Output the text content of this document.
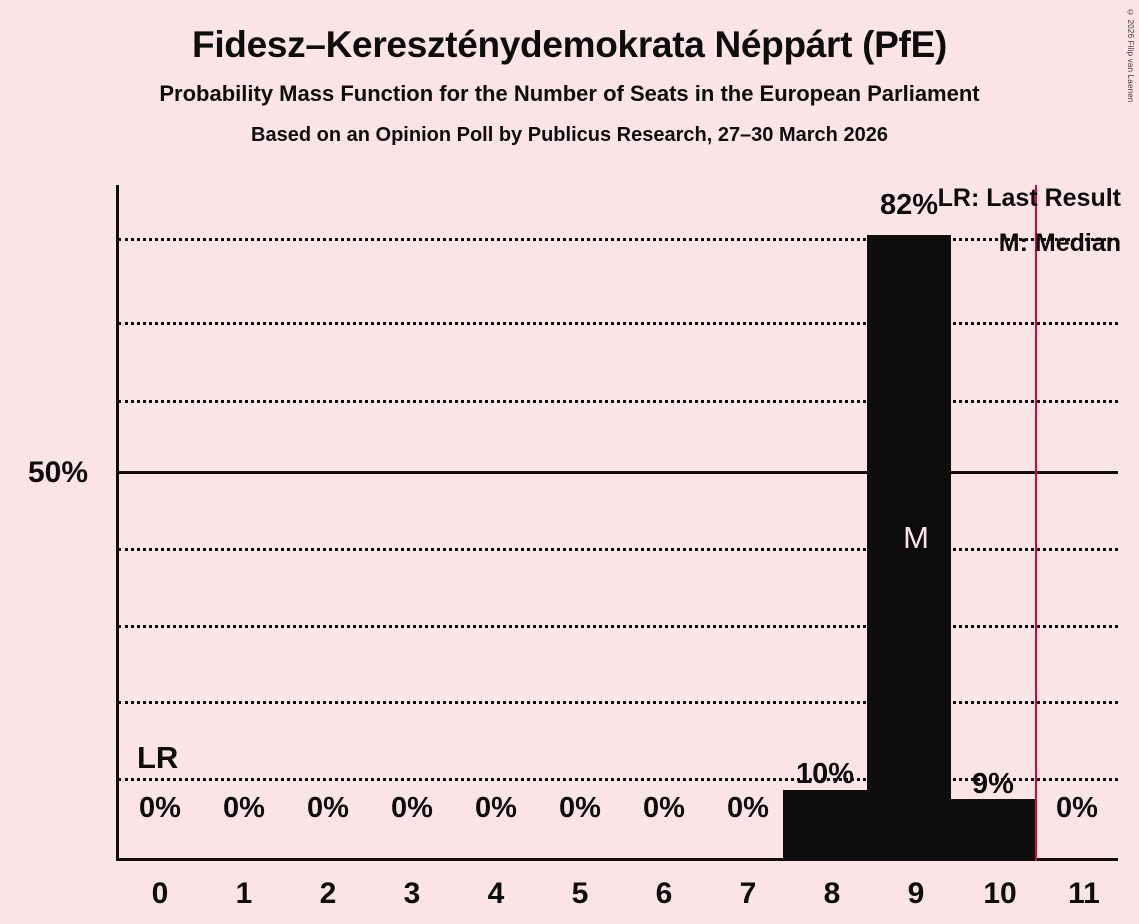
© 2026 Filip van Laenen
Fidesz–Kereszténydemokrata Néppárt (PfE)
Probability Mass Function for the Number of Seats in the European Parliament
Based on an Opinion Poll by Publicus Research, 27–30 March 2026
50%
M
LR	10%
82%
9%
0%	0%	0%	0%	0%	0%	0%	0%	0%
0	1	2	3	4	5	6	7	8	9	10	11
LR: Last Result
M: Median
